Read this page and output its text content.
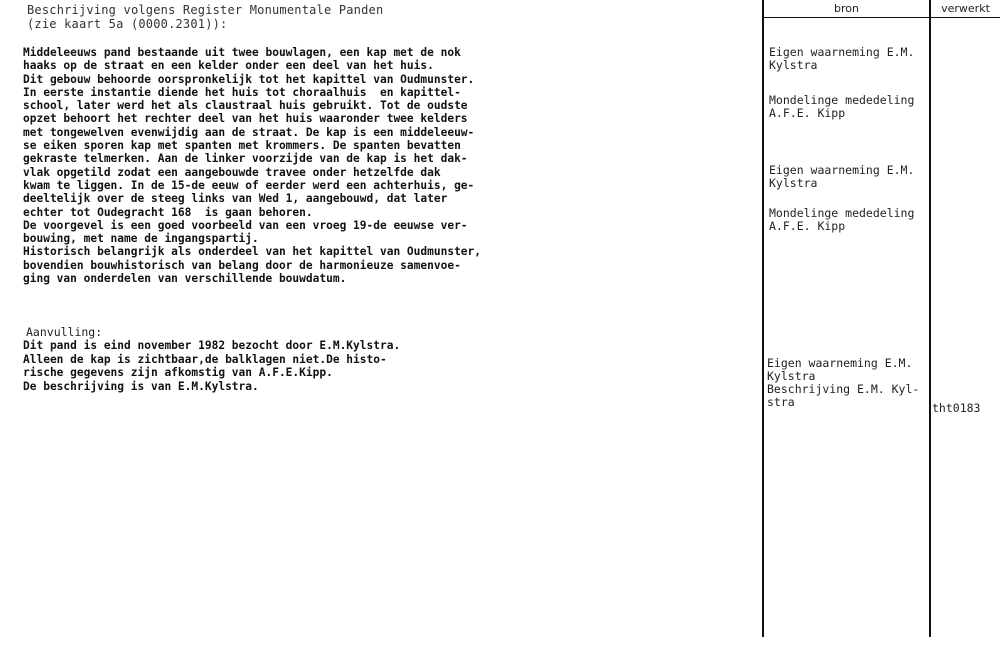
Beschrijving volgens Register Monumentale Panden
(zie kaart 5a (0000.2301)):
bron	verwerkt
Middeleeuws pand bestaande uit twee bouwlagen, een kap met de nok
haaks op de straat en een kelder onder een deel van het huis.
Dit gebouw behoorde oorspronkelijk tot het kapittel van Oudmunster.
In eerste instantie diende het huis tot choraalhuis  en kapittel-
school, later werd het als claustraal huis gebruikt. Tot de oudste
opzet behoort het rechter deel van het huis waaronder twee kelders
met tongewelven evenwijdig aan de straat. De kap is een middeleeuw-
se eiken sporen kap met spanten met krommers. De spanten bevatten
gekraste telmerken. Aan de linker voorzijde van de kap is het dak-
vlak opgetild zodat een aangebouwde travee onder hetzelfde dak
kwam te liggen. In de 15-de eeuw of eerder werd een achterhuis, ge-
deeltelijk over de steeg links van Wed 1, aangebouwd, dat later
echter tot Oudegracht 168  is gaan behoren.
De voorgevel is een goed voorbeeld van een vroeg 19-de eeuwse ver-
bouwing, met name de ingangspartij.
Historisch belangrijk als onderdeel van het kapittel van Oudmunster,
bovendien bouwhistorisch van belang door de harmonieuze samenvoe-
ging van onderdelen van verschillende bouwdatum.
Aanvulling:
Dit pand is eind november 1982 bezocht door E.M.Kylstra.
Alleen de kap is zichtbaar,de balklagen niet.De histo-
rische gegevens zijn afkomstig van A.F.E.Kipp.
De beschrijving is van E.M.Kylstra.
Eigen waarneming E.M.
Kylstra
Mondelinge mededeling
A.F.E. Kipp
Eigen waarneming E.M.
Kylstra
Mondelinge mededeling
A.F.E. Kipp
Eigen waarneming E.M.
Kylstra
Beschrijving E.M. Kyl-
stra	tht0183
